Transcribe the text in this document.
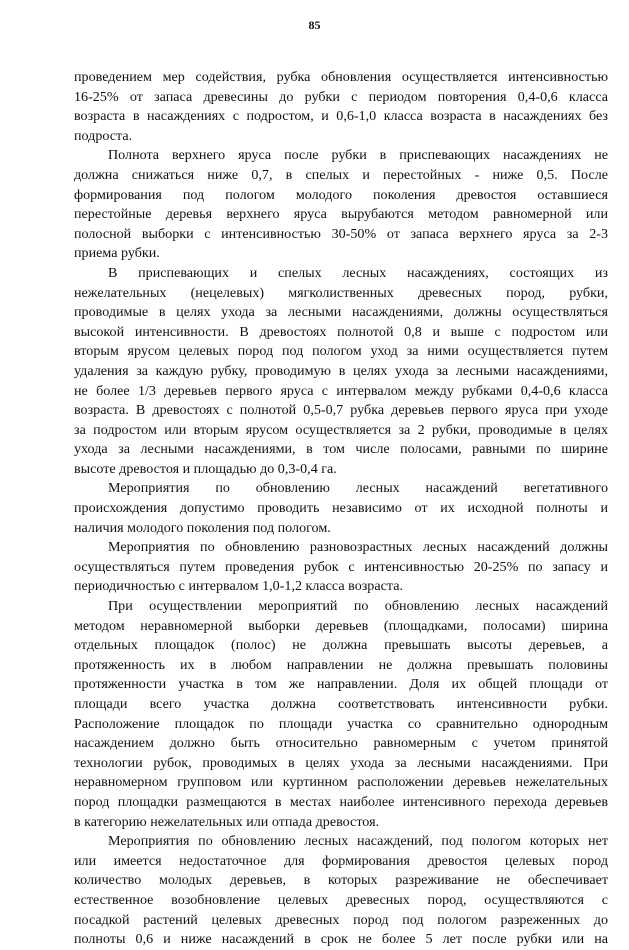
85
проведением мер содействия, рубка обновления осуществляется интенсивностью
16-25% от запаса древесины до рубки с периодом повторения 0,4-0,6 класса
возраста в насаждениях с подростом, и 0,6-1,0 класса возраста в насаждениях без
подроста.
Полнота верхнего яруса после рубки в приспевающих насаждениях не
должна снижаться ниже 0,7, в спелых и перестойных - ниже 0,5. После
формирования под пологом молодого поколения древостоя оставшиеся
перестойные деревья верхнего яруса вырубаются методом равномерной или
полосной выборки с интенсивностью 30-50% от запаса верхнего яруса за 2-3
приема рубки.
В приспевающих и спелых лесных насаждениях, состоящих из
нежелательных (нецелевых) мягколиственных древесных пород, рубки,
проводимые в целях ухода за лесными насаждениями, должны осуществляться
высокой интенсивности. В древостоях полнотой 0,8 и выше с подростом или
вторым ярусом целевых пород под пологом уход за ними осуществляется путем
удаления за каждую рубку, проводимую в целях ухода за лесными насаждениями,
не более 1/3 деревьев первого яруса с интервалом между рубками 0,4-0,6 класса
возраста. В древостоях с полнотой 0,5-0,7 рубка деревьев первого яруса при уходе
за подростом или вторым ярусом осуществляется за 2 рубки, проводимые в целях
ухода за лесными насаждениями, в том числе полосами, равными по ширине
высоте древостоя и площадью до 0,3-0,4 га.
Мероприятия по обновлению лесных насаждений вегетативного
происхождения допустимо проводить независимо от их исходной полноты и
наличия молодого поколения под пологом.
Мероприятия по обновлению разновозрастных лесных насаждений должны
осуществляться путем проведения рубок с интенсивностью 20-25% по запасу и
периодичностью с интервалом 1,0-1,2 класса возраста.
При осуществлении мероприятий по обновлению лесных насаждений
методом неравномерной выборки деревьев (площадками, полосами) ширина
отдельных площадок (полос) не должна превышать высоты деревьев, а
протяженность их в любом направлении не должна превышать половины
протяженности участка в том же направлении. Доля их общей площади от
площади всего участка должна соответствовать интенсивности рубки.
Расположение площадок по площади участка со сравнительно однородным
насаждением должно быть относительно равномерным с учетом принятой
технологии рубок, проводимых в целях ухода за лесными насаждениями. При
неравномерном групповом или куртинном расположении деревьев нежелательных
пород площадки размещаются в местах наиболее интенсивного перехода деревьев
в категорию нежелательных или отпада древостоя.
Мероприятия по обновлению лесных насаждений, под пологом которых нет
или имеется недостаточное для формирования древостоя целевых пород
количество молодых деревьев, в которых разреживание не обеспечивает
естественное возобновление целевых древесных пород, осуществляются с
посадкой растений целевых древесных пород под пологом разреженных до
полноты 0,6 и ниже насаждений в срок не более 5 лет после рубки или на
